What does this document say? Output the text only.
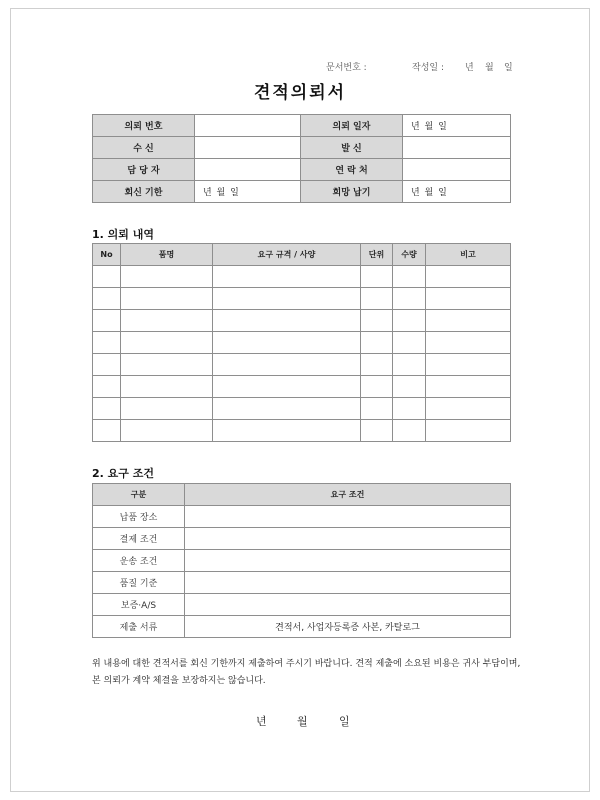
문서번호 :	작성일 : 년 월 일
견적의뢰서
의뢰 번호		의뢰 일자	년 월 일
수 신		발 신	
담 당 자		연 락 처	
회신 기한	년 월 일	희망 납기	년 월 일
1. 의뢰 내역
No	품명	요구 규격 / 사양	단위	수량	비고

2. 요구 조건
구분	요구 조건
납품 장소	
결제 조건	
운송 조건	
품질 기준	
보증·A/S	
제출 서류	견적서, 사업자등록증 사본, 카탈로그
위 내용에 대한 견적서를 회신 기한까지 제출하여 주시기 바랍니다. 견적 제출에 소요된 비용은 귀사 부담이며,
본 의뢰가 계약 체결을 보장하지는 않습니다.
년	월	일
